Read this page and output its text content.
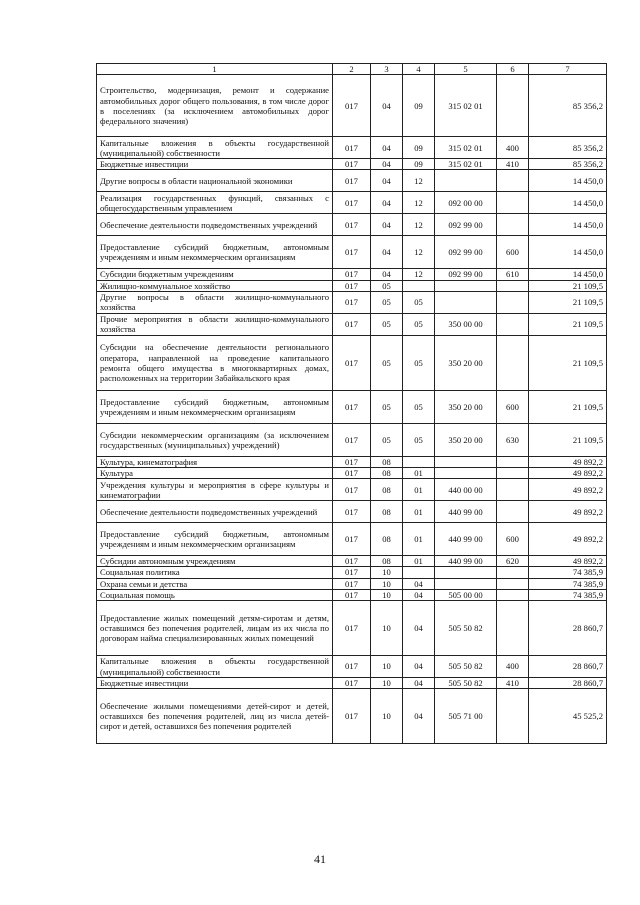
1	2	3	4	5	6	7
Строительство, модернизация, ремонт и содержание автомобильных дорог общего пользования, в том числе дорог в поселениях (за исключением автомобильных дорог федерального значения)	017	04	09	315 02 01		85 356,2
Капитальные вложения в объекты государственной (муниципальной) собственности	017	04	09	315 02 01	400	85 356,2
Бюджетные инвестиции	017	04	09	315 02 01	410	85 356,2
Другие вопросы в области национальной экономики	017	04	12			14 450,0
Реализация государственных функций, связанных с общегосударственным управлением	017	04	12	092 00 00		14 450,0
Обеспечение деятельности подведомственных учреждений	017	04	12	092 99 00		14 450,0
Предоставление субсидий бюджетным, автономным учреждениям и иным некоммерческим организациям	017	04	12	092 99 00	600	14 450,0
Субсидии бюджетным учреждениям	017	04	12	092 99 00	610	14 450,0
Жилищно-коммунальное хозяйство	017	05				21 109,5
Другие вопросы в области жилищно-коммунального хозяйства	017	05	05			21 109,5
Прочие мероприятия в области жилищно-коммунального хозяйства	017	05	05	350 00 00		21 109,5
Субсидии на обеспечение деятельности регионального оператора, направленной на проведение капитального ремонта общего имущества в многоквартирных домах, расположенных на территории Забайкальского края	017	05	05	350 20 00		21 109,5
Предоставление субсидий бюджетным, автономным учреждениям и иным некоммерческим организациям	017	05	05	350 20 00	600	21 109,5
Субсидии некоммерческим организациям (за исключением государственных (муниципальных) учреждений)	017	05	05	350 20 00	630	21 109,5
Культура, кинематография	017	08				49 892,2
Культура	017	08	01			49 892,2
Учреждения культуры и мероприятия в сфере культуры и кинематографии	017	08	01	440 00 00		49 892,2
Обеспечение деятельности подведомственных учреждений	017	08	01	440 99 00		49 892,2
Предоставление субсидий бюджетным, автономным учреждениям и иным некоммерческим организациям	017	08	01	440 99 00	600	49 892,2
Субсидии автономным учреждениям	017	08	01	440 99 00	620	49 892,2
Социальная политика	017	10				74 385,9
Охрана семьи и детства	017	10	04			74 385,9
Социальная помощь	017	10	04	505 00 00		74 385,9
Предоставление жилых помещений детям-сиротам и детям, оставшимся без попечения родителей, лицам из их числа по договорам найма специализированных жилых помещений	017	10	04	505 50 82		28 860,7
Капитальные вложения в объекты государственной (муниципальной) собственности	017	10	04	505 50 82	400	28 860,7
Бюджетные инвестиции	017	10	04	505 50 82	410	28 860,7
Обеспечение жилыми помещениями детей-сирот и детей, оставшихся без попечения родителей, лиц из числа детей-сирот и детей, оставшихся без попечения родителей	017	10	04	505 71 00		45 525,2
41
